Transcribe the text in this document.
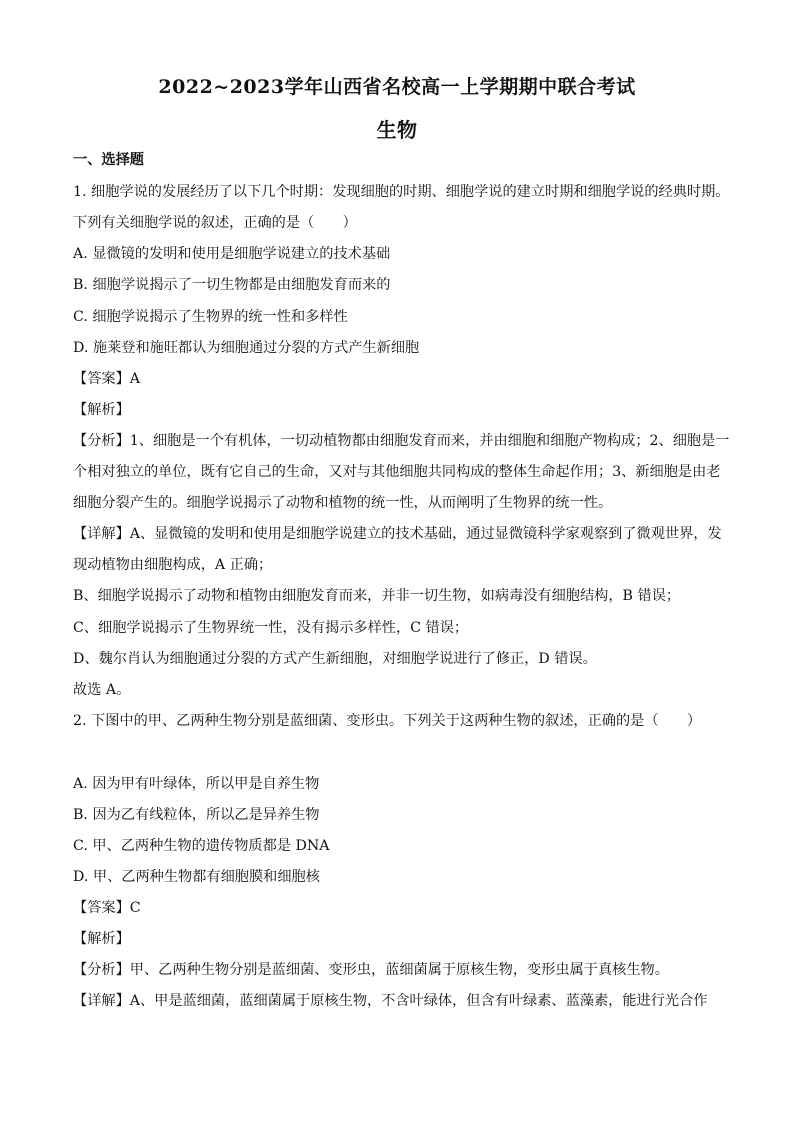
2022~2023学年山西省名校高一上学期期中联合考试
生物
一、选择题
1. 细胞学说的发展经历了以下几个时期：发现细胞的时期、细胞学说的建立时期和细胞学说的经典时期。
下列有关细胞学说的叙述，正确的是（　　）
A. 显微镜的发明和使用是细胞学说建立的技术基础
B. 细胞学说揭示了一切生物都是由细胞发育而来的
C. 细胞学说揭示了生物界的统一性和多样性
D. 施莱登和施旺都认为细胞通过分裂的方式产生新细胞
【答案】A
【解析】
【分析】1、细胞是一个有机体，一切动植物都由细胞发育而来，并由细胞和细胞产物构成；2、细胞是一
个相对独立的单位，既有它自己的生命，又对与其他细胞共同构成的整体生命起作用；3、新细胞是由老
细胞分裂产生的。细胞学说揭示了动物和植物的统一性，从而阐明了生物界的统一性。
【详解】A、显微镜的发明和使用是细胞学说建立的技术基础，通过显微镜科学家观察到了微观世界，发
现动植物由细胞构成，A 正确；
B、细胞学说揭示了动物和植物由细胞发育而来，并非一切生物，如病毒没有细胞结构，B 错误；
C、细胞学说揭示了生物界统一性，没有揭示多样性，C 错误；
D、魏尔肖认为细胞通过分裂的方式产生新细胞，对细胞学说进行了修正，D 错误。
故选 A。
2. 下图中的甲、乙两种生物分别是蓝细菌、变形虫。下列关于这两种生物的叙述，正确的是（　　）
A. 因为甲有叶绿体，所以甲是自养生物
B. 因为乙有线粒体，所以乙是异养生物
C. 甲、乙两种生物的遗传物质都是 DNA
D. 甲、乙两种生物都有细胞膜和细胞核
【答案】C
【解析】
【分析】甲、乙两种生物分别是蓝细菌、变形虫，蓝细菌属于原核生物，变形虫属于真核生物。
【详解】A、甲是蓝细菌，蓝细菌属于原核生物，不含叶绿体，但含有叶绿素、蓝藻素，能进行光合作
